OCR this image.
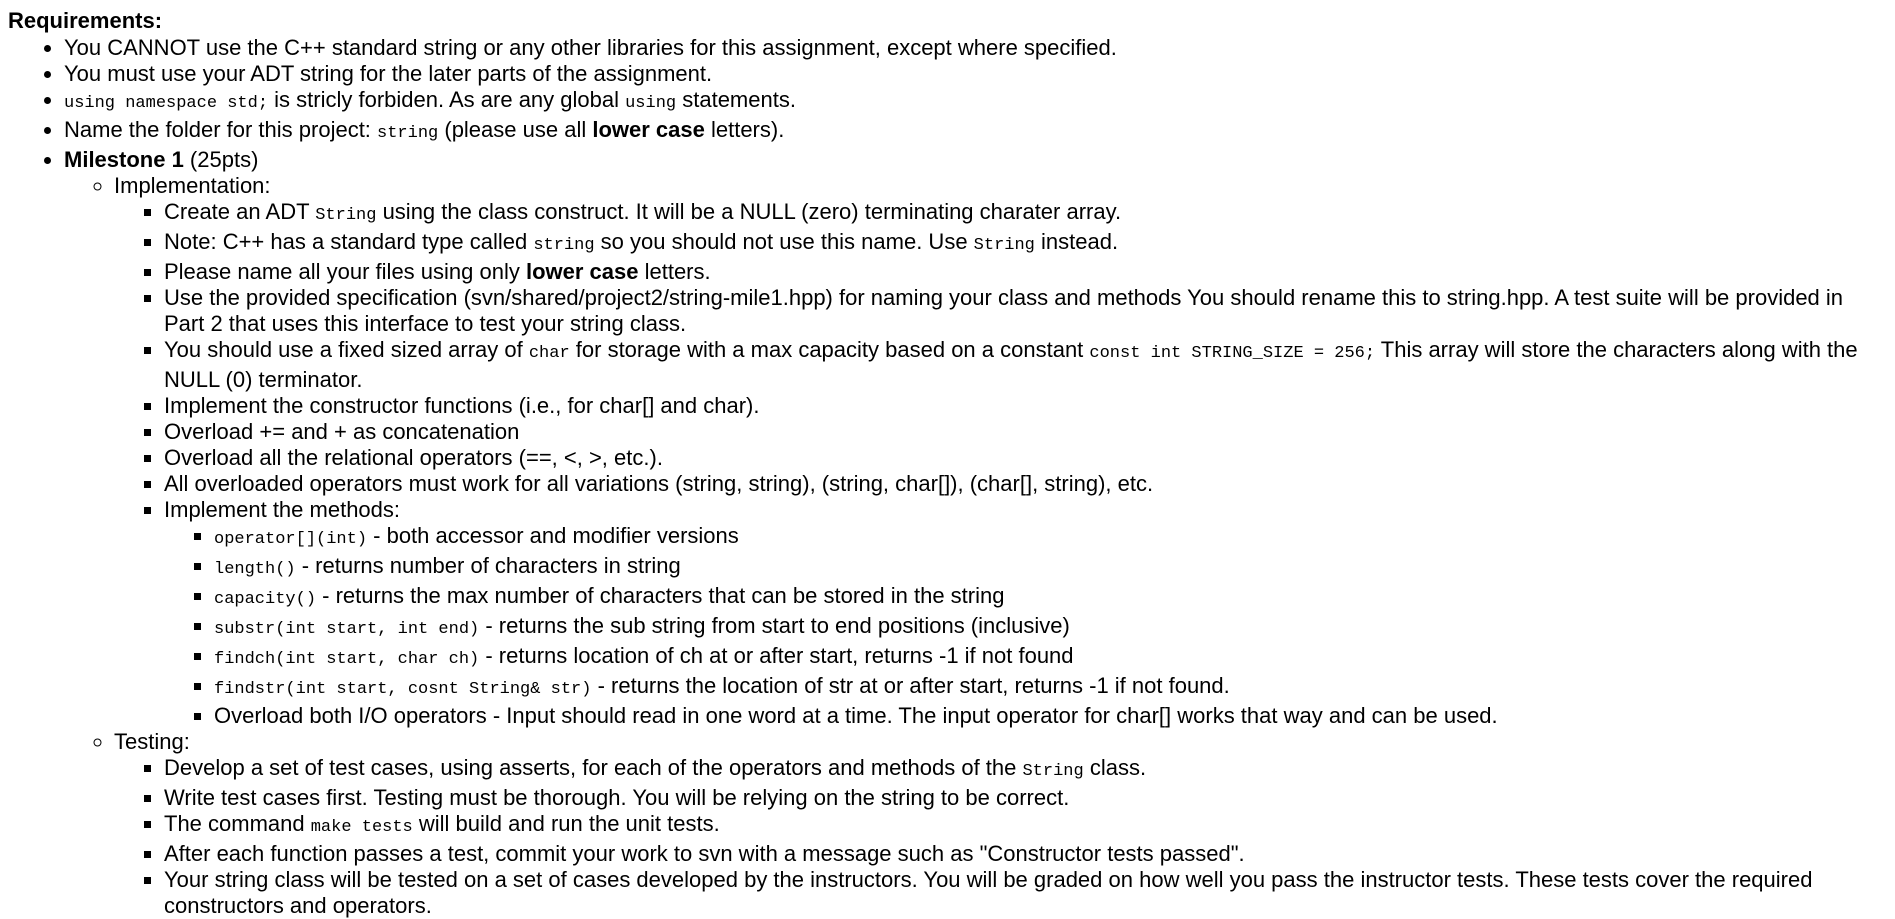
Requirements:
• You CANNOT use the C++ standard string or any other libraries for this assignment, except where specified.
• You must use your ADT string for the later parts of the assignment.
• using namespace std; is stricly forbiden. As are any global using statements.
• Name the folder for this project: string (please use all lower case letters).
• Milestone 1 (25pts)
◦ Implementation:
▪ Create an ADT String using the class construct. It will be a NULL (zero) terminating charater array.
▪ Note: C++ has a standard type called string so you should not use this name. Use String instead.
▪ Please name all your files using only lower case letters.
▪ Use the provided specification (svn/shared/project2/string-mile1.hpp) for naming your class and methods You should rename this to string.hpp. A test suite will be provided in Part 2 that uses this interface to test your string class.
▪ You should use a fixed sized array of char for storage with a max capacity based on a constant const int STRING_SIZE = 256; This array will store the characters along with the NULL (0) terminator.
▪ Implement the constructor functions (i.e., for char[] and char).
▪ Overload += and + as concatenation
▪ Overload all the relational operators (==, <, >, etc.).
▪ All overloaded operators must work for all variations (string, string), (string, char[]), (char[], string), etc.
▪ Implement the methods:
▪ operator[](int) - both accessor and modifier versions
▪ length() - returns number of characters in string
▪ capacity() - returns the max number of characters that can be stored in the string
▪ substr(int start, int end) - returns the sub string from start to end positions (inclusive)
▪ findch(int start, char ch) - returns location of ch at or after start, returns -1 if not found
▪ findstr(int start, cosnt String& str) - returns the location of str at or after start, returns -1 if not found.
▪ Overload both I/O operators - Input should read in one word at a time. The input operator for char[] works that way and can be used.
◦ Testing:
▪ Develop a set of test cases, using asserts, for each of the operators and methods of the String class.
▪ Write test cases first. Testing must be thorough. You will be relying on the string to be correct.
▪ The command make tests will build and run the unit tests.
▪ After each function passes a test, commit your work to svn with a message such as "Constructor tests passed".
▪ Your string class will be tested on a set of cases developed by the instructors. You will be graded on how well you pass the instructor tests. These tests cover the required constructors and operators.
